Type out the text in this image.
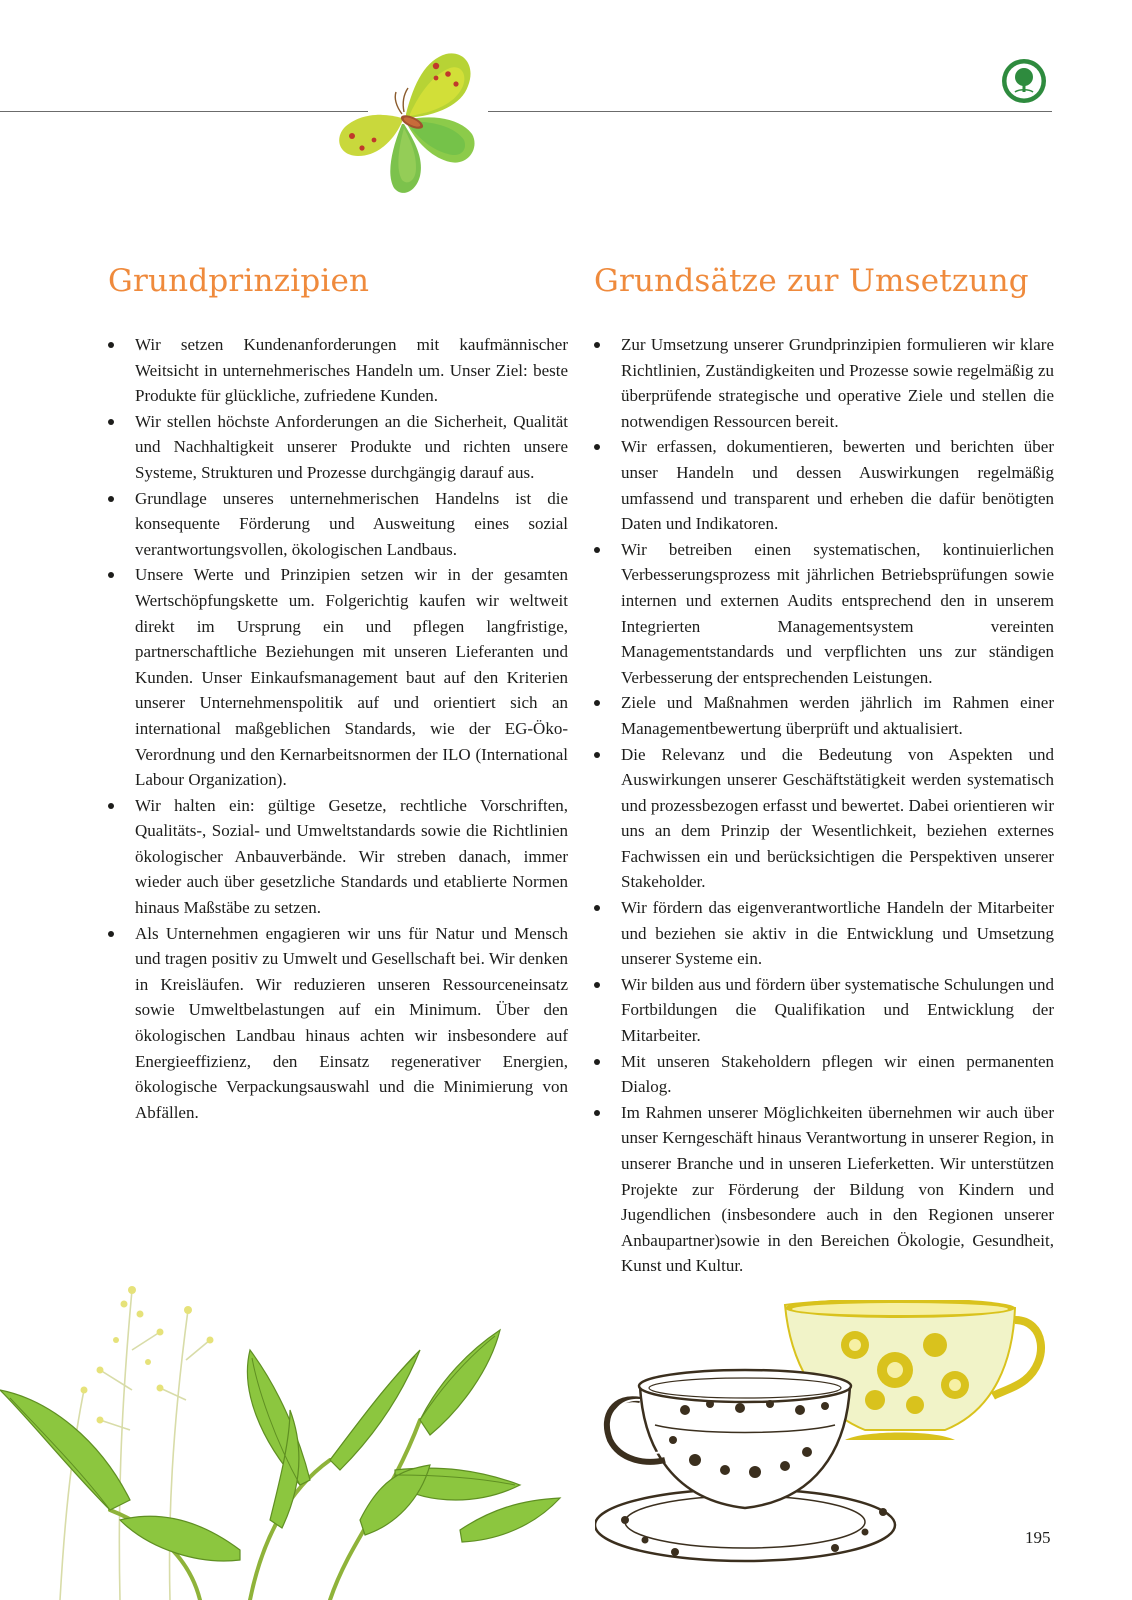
Grundprinzipien
Wir setzen Kundenanforderungen mit kaufmännischer Weitsicht in unternehmerisches Handeln um. Unser Ziel: beste Produkte für glückliche, zufriedene Kunden.
Wir stellen höchste Anforderungen an die Sicherheit, Qualität und Nachhaltigkeit unserer Produkte und richten unsere Systeme, Strukturen und Prozesse durchgängig darauf aus.
Grundlage unseres unternehmerischen Handelns ist die konsequente Förderung und Ausweitung eines sozial verantwortungsvollen, ökologischen Landbaus.
Unsere Werte und Prinzipien setzen wir in der gesamten Wertschöpfungskette um. Folgerichtig kaufen wir weltweit direkt im Ursprung ein und pflegen langfristige, partnerschaftliche Beziehungen mit unseren Lieferanten und Kunden. Unser Einkaufsmanagement baut auf den Kriterien unserer Unternehmenspolitik auf und orientiert sich an international maßgeblichen Standards, wie der EG-Öko-Verordnung und den Kernarbeitsnormen der ILO (International Labour Organization).
Wir halten ein: gültige Gesetze, rechtliche Vorschriften, Qualitäts-, Sozial- und Umweltstandards sowie die Richtlinien ökologischer Anbauverbände. Wir streben danach, immer wieder auch über gesetzliche Standards und etablierte Normen hinaus Maßstäbe zu setzen.
Als Unternehmen engagieren wir uns für Natur und Mensch und tragen positiv zu Umwelt und Gesellschaft bei. Wir denken in Kreisläufen. Wir reduzieren unseren Ressourceneinsatz sowie Umweltbelastungen auf ein Minimum. Über den ökologischen Landbau hinaus achten wir insbesondere auf Energieeffizienz, den Einsatz regenerativer Energien, ökologische Verpackungsauswahl und die Minimierung von Abfällen.
Grundsätze zur Umsetzung
Zur Umsetzung unserer Grundprinzipien formulieren wir klare Richtlinien, Zuständigkeiten und Prozesse sowie regelmäßig zu überprüfende strategische und operative Ziele und stellen die notwendigen Ressourcen bereit.
Wir erfassen, dokumentieren, bewerten und berichten über unser Handeln und dessen Auswirkungen regelmäßig umfassend und transparent und erheben die dafür benötigten Daten und Indikatoren.
Wir betreiben einen systematischen, kontinuierlichen Verbesserungsprozess mit jährlichen Betriebsprüfungen sowie internen und externen Audits entsprechend den in unserem Integrierten Managementsystem vereinten Managementstandards und verpflichten uns zur ständigen Verbesserung der entsprechenden Leistungen.
Ziele und Maßnahmen werden jährlich im Rahmen einer Managementbewertung überprüft und aktualisiert.
Die Relevanz und die Bedeutung von Aspekten und Auswirkungen unserer Geschäftstätigkeit werden systematisch und prozessbezogen erfasst und bewertet. Dabei orientieren wir uns an dem Prinzip der Wesentlichkeit, beziehen externes Fachwissen ein und berücksichtigen die Perspektiven unserer Stakeholder.
Wir fördern das eigenverantwortliche Handeln der Mitarbeiter und beziehen sie aktiv in die Entwicklung und Umsetzung unserer Systeme ein.
Wir bilden aus und fördern über systematische Schulungen und Fortbildungen die Qualifikation und Entwicklung der Mitarbeiter.
Mit unseren Stakeholdern pflegen wir einen permanenten Dialog.
Im Rahmen unserer Möglichkeiten übernehmen wir auch über unser Kerngeschäft hinaus Verantwortung in unserer Region, in unserer Branche und in unseren Lieferketten. Wir unterstützen Projekte zur Förderung der Bildung von Kindern und Jugendlichen (insbesondere auch in den Regionen unserer Anbaupartner)sowie in den Bereichen Ökologie, Gesundheit, Kunst und Kultur.
195
